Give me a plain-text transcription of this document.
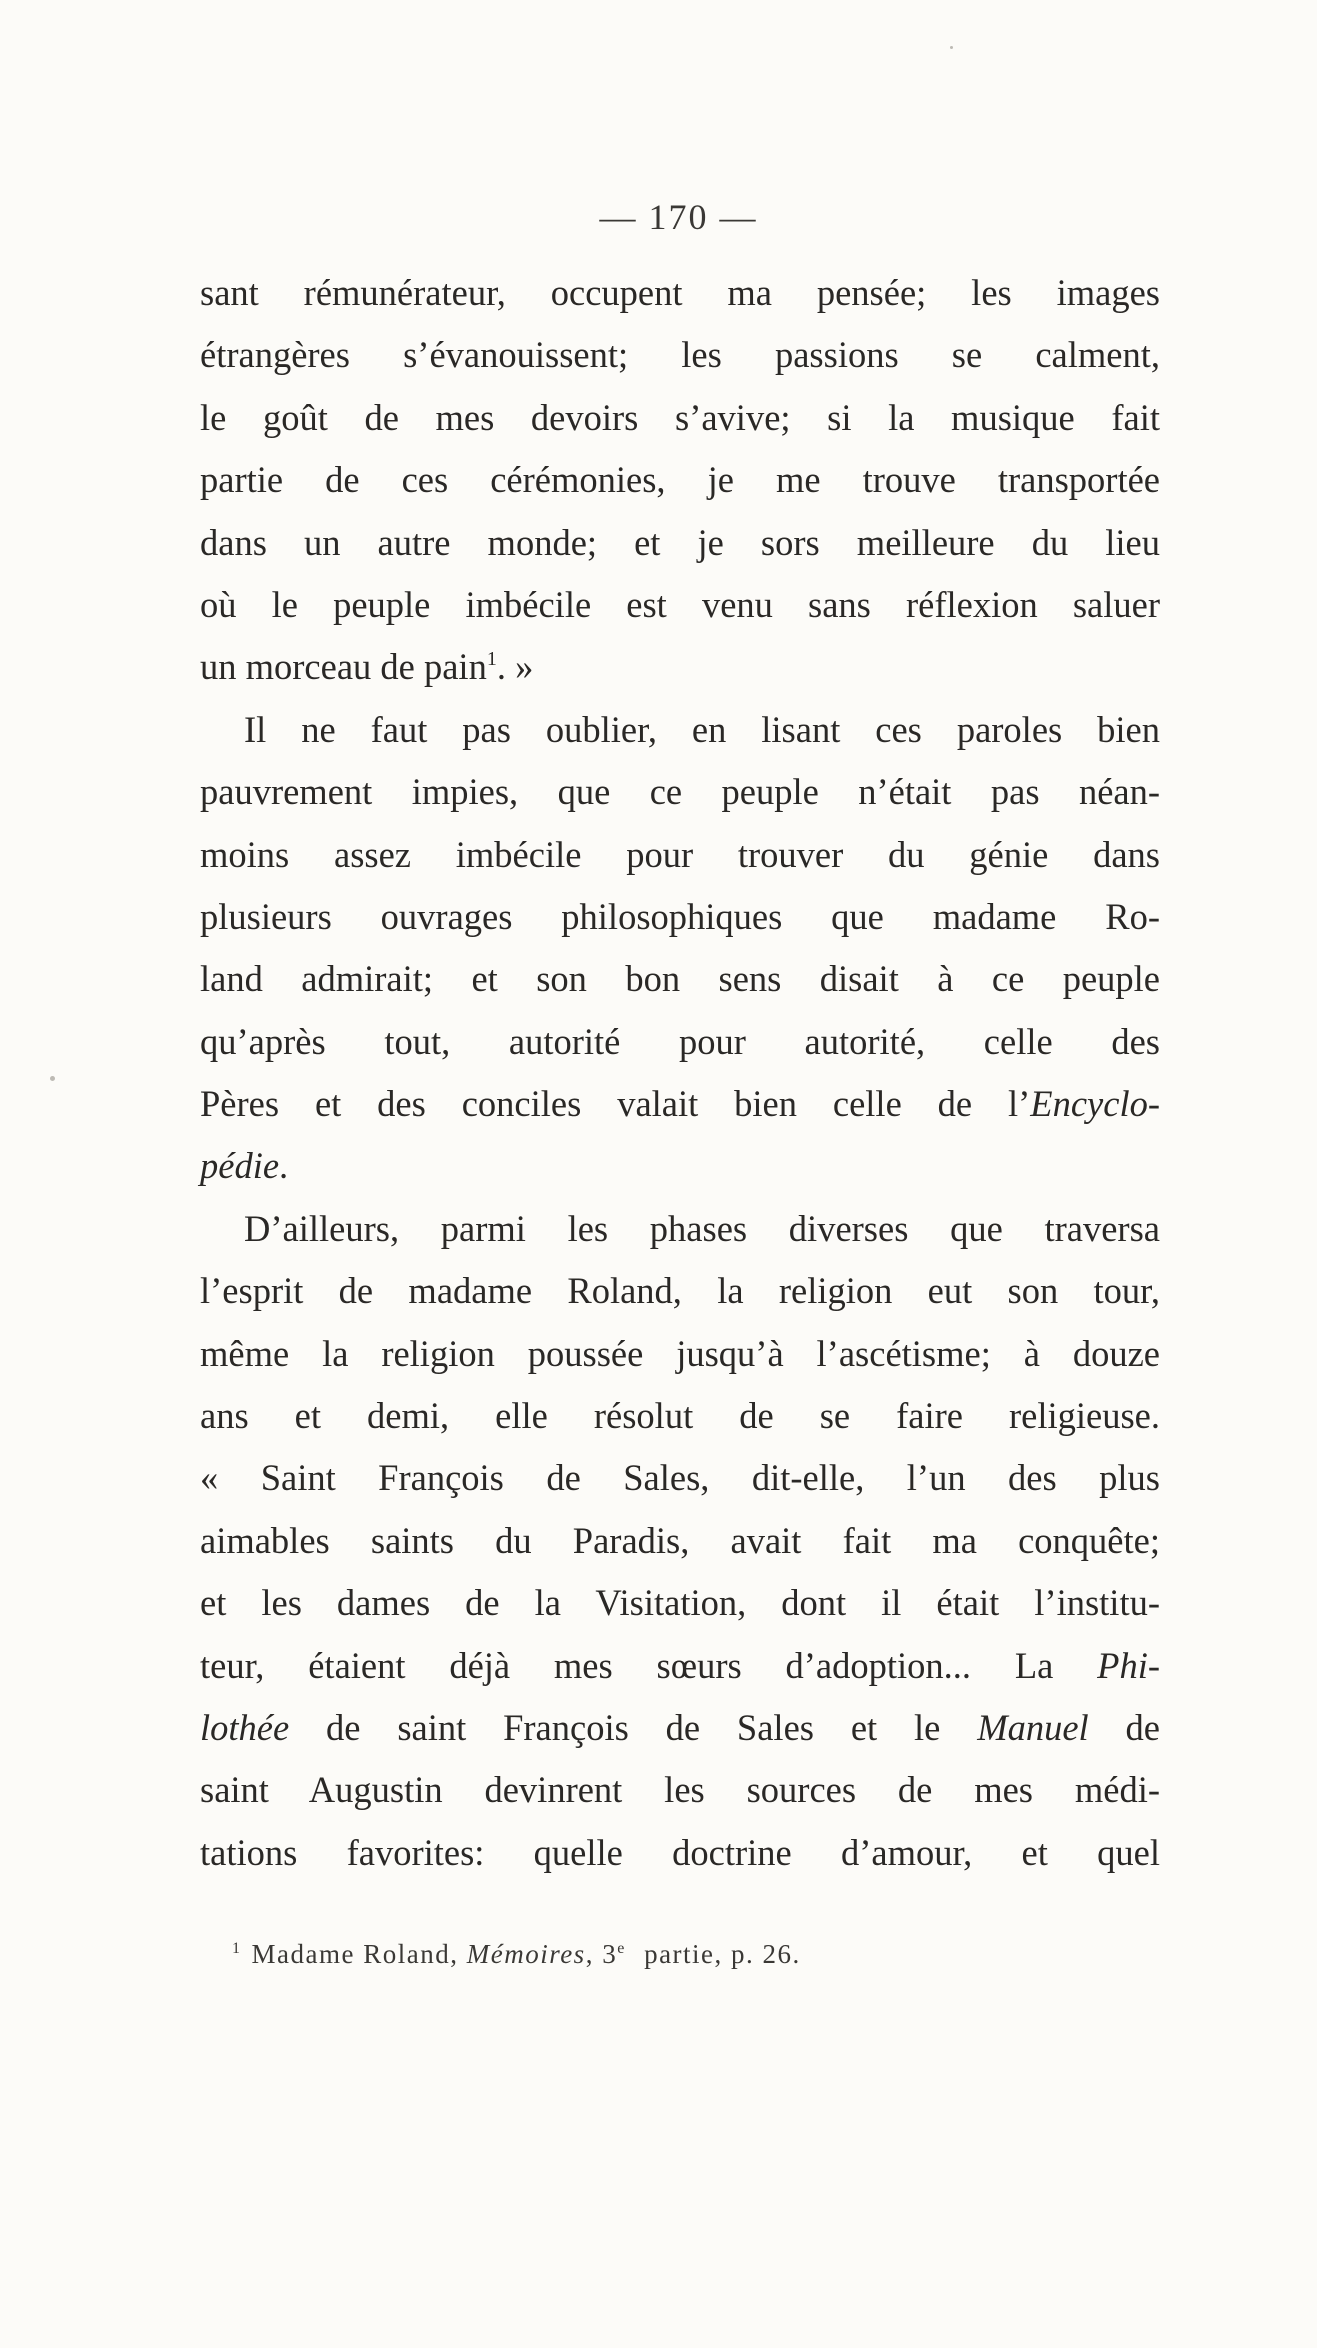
— 170 —
sant rémunérateur, occupent ma pensée; les images
étrangères s’évanouissent; les passions se calment,
le goût de mes devoirs s’avive; si la musique fait
partie de ces cérémonies, je me trouve transportée
dans un autre monde; et je sors meilleure du lieu
où le peuple imbécile est venu sans réflexion saluer
un morceau de pain$^1$. »
Il ne faut pas oublier, en lisant ces paroles bien
pauvrement impies, que ce peuple n’était pas néan-
moins assez imbécile pour trouver du génie dans
plusieurs ouvrages philosophiques que madame Ro-
land admirait; et son bon sens disait à ce peuple
qu’après tout, autorité pour autorité, celle des
Pères et des conciles valait bien celle de l’Encyclo-
pédie.
D’ailleurs, parmi les phases diverses que traversa
l’esprit de madame Roland, la religion eut son tour,
même la religion poussée jusqu’à l’ascétisme; à douze
ans et demi, elle résolut de se faire religieuse.
« Saint François de Sales, dit-elle, l’un des plus
aimables saints du Paradis, avait fait ma conquête;
et les dames de la Visitation, dont il était l’institu-
teur, étaient déjà mes sœurs d’adoption... La Phi-
lothée de saint François de Sales et le Manuel de
saint Augustin devinrent les sources de mes médi-
tations favorites: quelle doctrine d’amour, et quel
$^1$ Madame Roland, Mémoires, 3e partie, p. 26.
